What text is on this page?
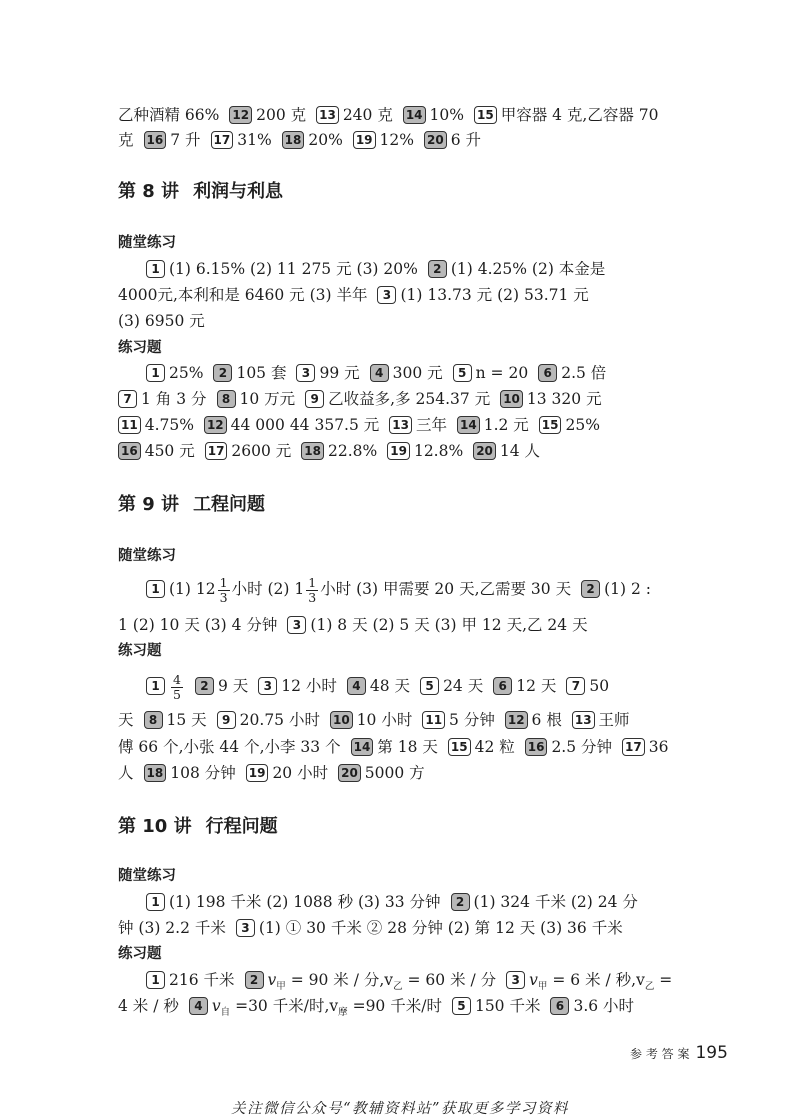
乙种酒精 66% 12 200 克 13 240 克 14 10% 15 甲容器 4 克,乙容器 70
克 16 7 升 17 31% 18 20% 19 12% 20 6 升
第 8 讲 利润与利息
随堂练习
1 (1) 6.15% (2) 11 275 元 (3) 20% 2 (1) 4.25% (2) 本金是
4000元,本利和是 6460 元 (3) 半年 3 (1) 13.73 元 (2) 53.71 元
(3) 6950 元
练习题
1 25% 2 105 套 3 99 元 4 300 元 5 n = 20 6 2.5 倍
7 1 角 3 分 8 10 万元 9 乙收益多,多 254.37 元 10 13 320 元
11 4.75% 12 44 000 44 357.5 元 13 三年 14 1.2 元 15 25%
16 450 元 17 2600 元 18 22.8% 19 12.8% 20 14 人
第 9 讲 工程问题
随堂练习
1 (1) $12 \frac{1}{3}$ 小时 (2) $1 \frac{1}{3}$ 小时 (3) 甲需要 20 天,乙需要 30 天 2 (1) 2 :
1 (2) 10 天 (3) 4 分钟 3 (1) 8 天 (2) 5 天 (3) 甲 12 天,乙 24 天
练习题
$1 \frac{4}{5} 2$ 9 天 3 12 小时 4 48 天 5 24 天 6 12 天 7 50
天 8 15 天 9 20.75 小时 10 10 小时 11 5 分钟 12 6 根 13 王师
傅 66 个,小张 44 个,小李 33 个 14 第 18 天 15 42 粒 16 2.5 分钟 17 36
人 18 108 分钟 19 20 小时 20 5000 方
第 10 讲 行程问题
随堂练习
1 (1) 198 千米 (2) 1088 秒 (3) 33 分钟 2 (1) 324 千米 (2) 24 分
钟 (3) 2.2 千米 3 (1) ① 30 千米 ② 28 分钟 (2) 第 12 天 (3) 36 千米
练习题
1 216 千米 2 $v_甲 = 90$ 米 / 分$,v_乙 = 60$ 米 / 分 3 $v_甲 = 6$ 米 / 秒$,v_乙$ =
4 米 / 秒 4 $v_自 =30$ 千米/时$,v_摩 =90$ 千米/时 5 150 千米 6 3.6 小时
参 考 答 案 195
关注微信公众号“教辅资料站”获取更多学习资料
